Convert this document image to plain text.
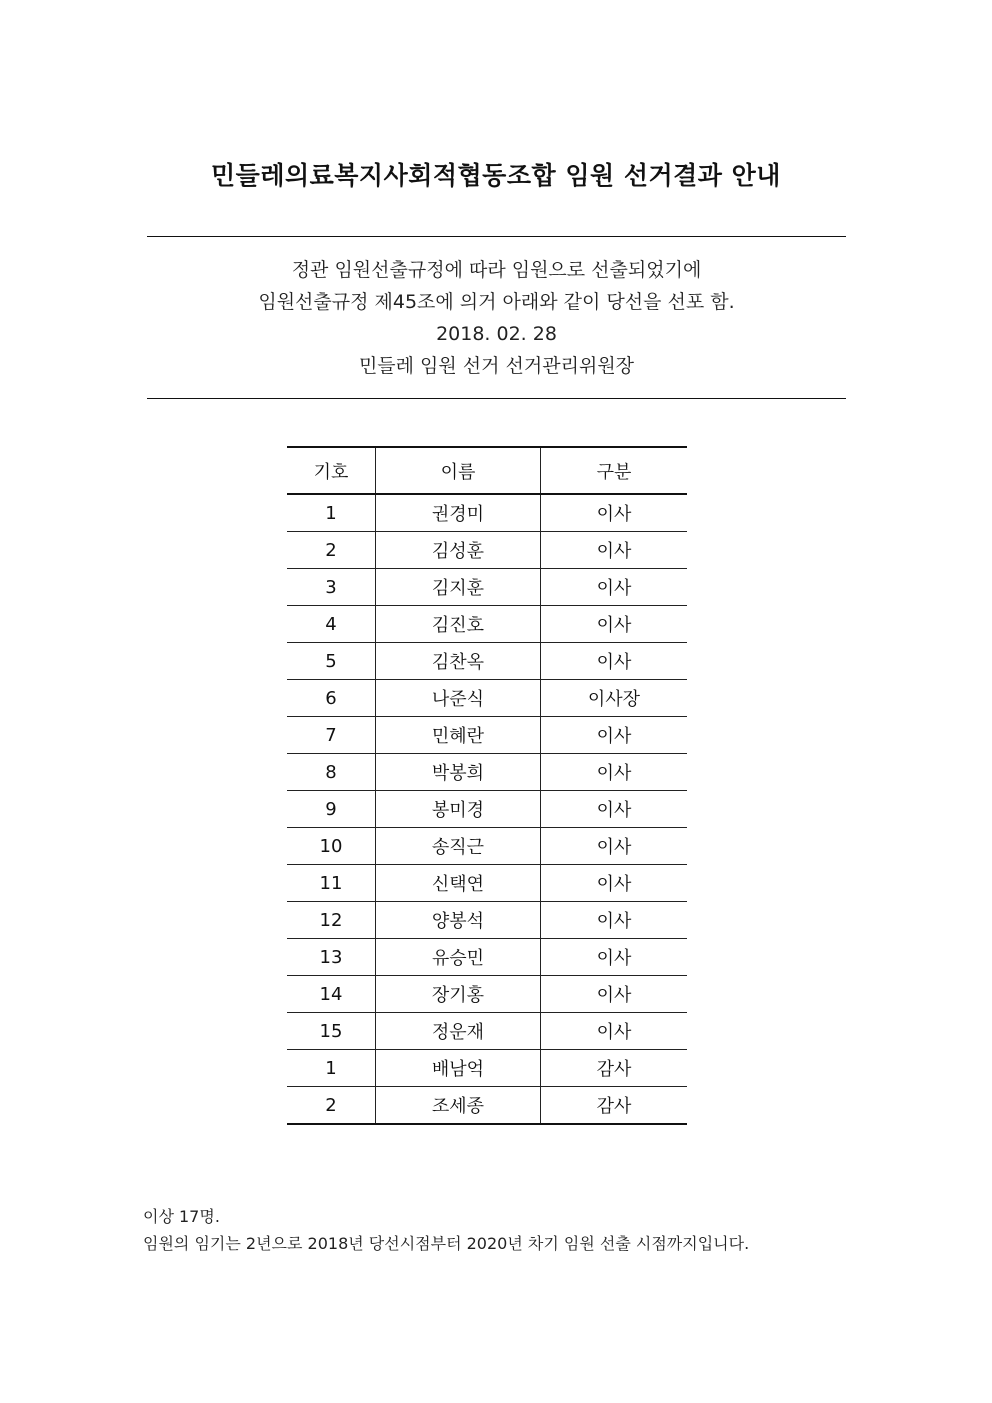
민들레의료복지사회적협동조합 임원 선거결과 안내
정관 임원선출규정에 따라 임원으로 선출되었기에
임원선출규정 제45조에 의거 아래와 같이 당선을 선포 함.
2018. 02. 28
민들레 임원 선거 선거관리위원장
기호	이름	구분
1	권경미	이사
2	김성훈	이사
3	김지훈	이사
4	김진호	이사
5	김찬옥	이사
6	나준식	이사장
7	민혜란	이사
8	박봉희	이사
9	봉미경	이사
10	송직근	이사
11	신택연	이사
12	양봉석	이사
13	유승민	이사
14	장기홍	이사
15	정운재	이사
1	배남억	감사
2	조세종	감사
이상 17명.
임원의 임기는 2년으로 2018년 당선시점부터 2020년 차기 임원 선출 시점까지입니다.
